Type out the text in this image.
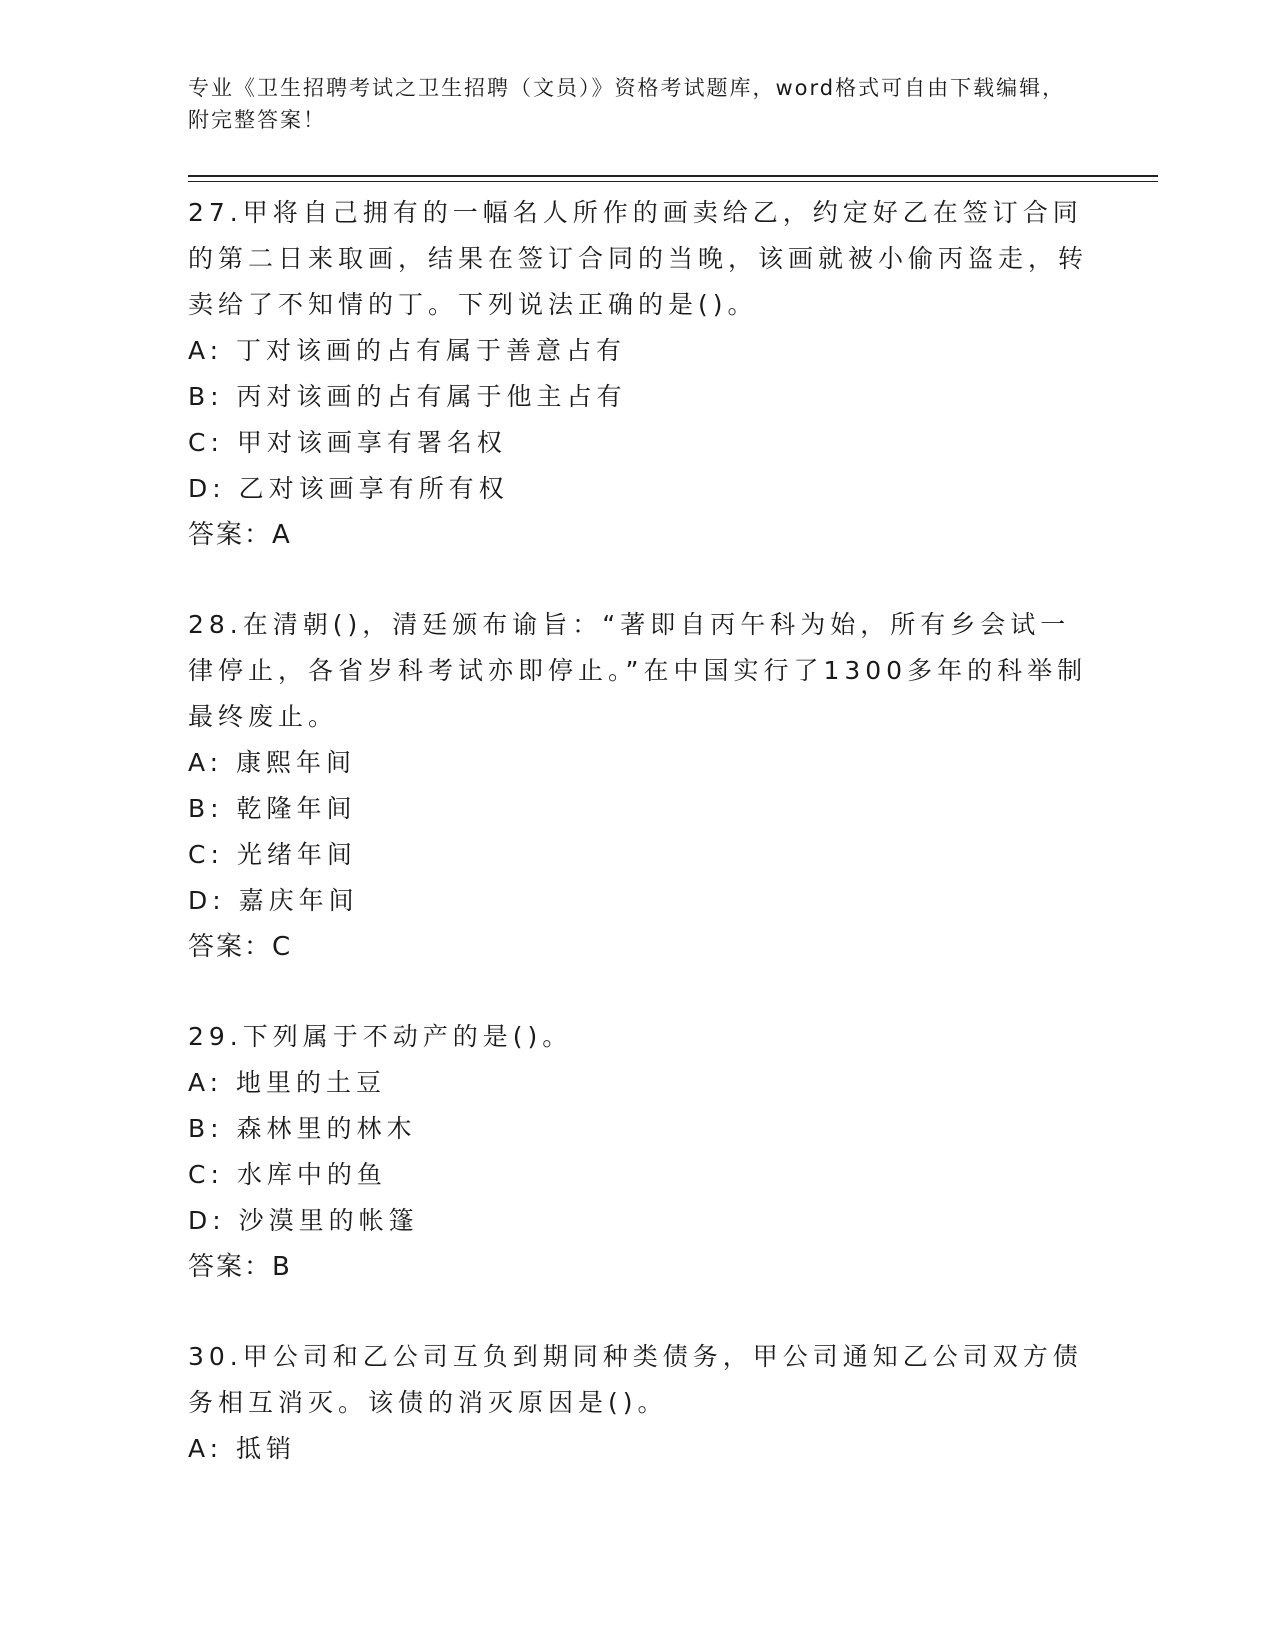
专业《卫生招聘考试之卫生招聘（文员）》资格考试题库，word格式可自由下载编辑，附完整答案！

27.甲将自己拥有的一幅名人所作的画卖给乙，约定好乙在签订合同的第二日来取画，结果在签订合同的当晚，该画就被小偷丙盗走，转卖给了不知情的丁。下列说法正确的是()。

A: 丁对该画的占有属于善意占有

B: 丙对该画的占有属于他主占有

C: 甲对该画享有署名权

D: 乙对该画享有所有权

答案：A

28.在清朝()，清廷颁布谕旨：“著即自丙午科为始，所有乡会试一律停止，各省岁科考试亦即停止。”在中国实行了1300多年的科举制最终废止。

A: 康熙年间

B: 乾隆年间

C: 光绪年间

D: 嘉庆年间

答案：C

29.下列属于不动产的是()。

A: 地里的土豆

B: 森林里的林木

C: 水库中的鱼

D: 沙漠里的帐篷

答案：B

30.甲公司和乙公司互负到期同种类债务，甲公司通知乙公司双方债务相互消灭。该债的消灭原因是()。

A: 抵销
